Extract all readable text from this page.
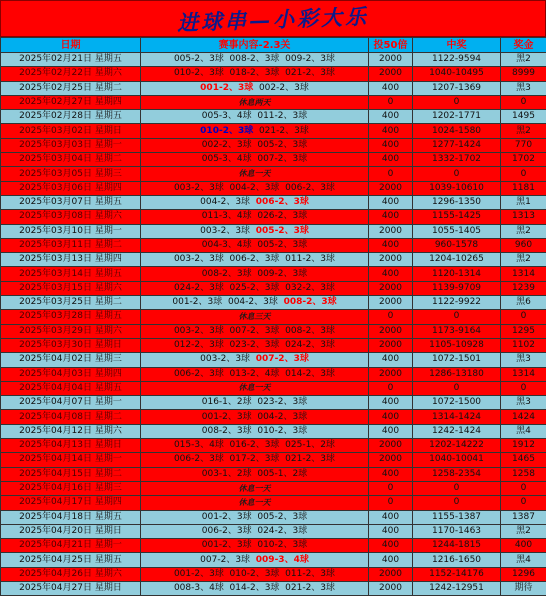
进球串—小彩大乐
日期	赛事内容-2.3关	投50倍	中奖	奖金
2025年02月21日 星期五	005-2、3球  008-2、3球  009-2、3球	2000	1122-9594	黑2
2025年02月22日 星期六	010-2、3球  018-2、3球  021-2、3球	2000	1040-10495	8999
2025年02月25日 星期二	001-2、3球  002-2、3球	400	1207-1369	黑3
2025年02月27日 星期四	休息两天	0	0	0
2025年02月28日 星期五	005-3、4球  011-2、3球	400	1202-1771	1495
2025年03月02日 星期日	010-2、3球  021-2、3球	400	1024-1580	黑2
2025年03月03日 星期一	002-2、3球  005-2、3球	400	1277-1424	770
2025年03月04日 星期二	005-3、4球  007-2、3球	400	1332-1702	1702
2025年03月05日 星期三	休息一天	0	0	0
2025年03月06日 星期四	003-2、3球  004-2、3球  006-2、3球	2000	1039-10610	1181
2025年03月07日 星期五	004-2、3球  006-2、3球	400	1296-1350	黑1
2025年03月08日 星期六	011-3、4球  026-2、3球	400	1155-1425	1313
2025年03月10日 星期一	003-2、3球  005-2、3球	2000	1055-1405	黑2
2025年03月11日 星期二	004-3、4球  005-2、3球	400	960-1578	960
2025年03月13日 星期四	003-2、3球  006-2、3球  011-2、3球	2000	1204-10265	黑2
2025年03月14日 星期五	008-2、3球  009-2、3球	400	1120-1314	1314
2025年03月15日 星期六	024-2、3球  025-2、3球  032-2、3球	2000	1139-9709	1239
2025年03月25日 星期二	001-2、3球  004-2、3球  008-2、3球	2000	1122-9922	黑6
2025年03月28日 星期五	休息三天	0	0	0
2025年03月29日 星期六	003-2、3球  007-2、3球  008-2、3球	2000	1173-9164	1295
2025年03月30日 星期日	012-2、3球  023-2、3球  024-2、3球	2000	1105-10928	1102
2025年04月02日 星期三	003-2、3球  007-2、3球	400	1072-1501	黑3
2025年04月03日 星期四	006-2、3球  013-2、4球  014-2、3球	2000	1286-13180	1314
2025年04月04日 星期五	休息一天	0	0	0
2025年04月07日 星期一	016-1、2球  023-2、3球	400	1072-1500	黑3
2025年04月08日 星期二	001-2、3球  004-2、3球	400	1314-1424	1424
2025年04月12日 星期六	008-2、3球  010-2、3球	400	1242-1424	黑4
2025年04月13日 星期日	015-3、4球  016-2、3球  025-1、2球	2000	1202-14222	1912
2025年04月14日 星期一	006-2、3球  017-2、3球  021-2、3球	2000	1040-10041	1465
2025年04月15日 星期二	003-1、2球  005-1、2球	400	1258-2354	1258
2025年04月16日 星期三	休息一天	0	0	0
2025年04月17日 星期四	休息一天	0	0	0
2025年04月18日 星期五	001-2、3球  005-2、3球	400	1155-1387	1387
2025年04月20日 星期日	006-2、3球  024-2、3球	400	1170-1463	黑2
2025年04月21日 星期一	001-2、3球  010-2、3球	400	1244-1815	400
2025年04月25日 星期五	007-2、3球  009-3、4球	400	1216-1650	黑4
2025年04月26日 星期六	001-2、3球  010-2、3球  011-2、3球	2000	1152-14176	1296
2025年04月27日 星期日	008-3、4球  014-2、3球  021-2、3球	2000	1242-12951	期待
